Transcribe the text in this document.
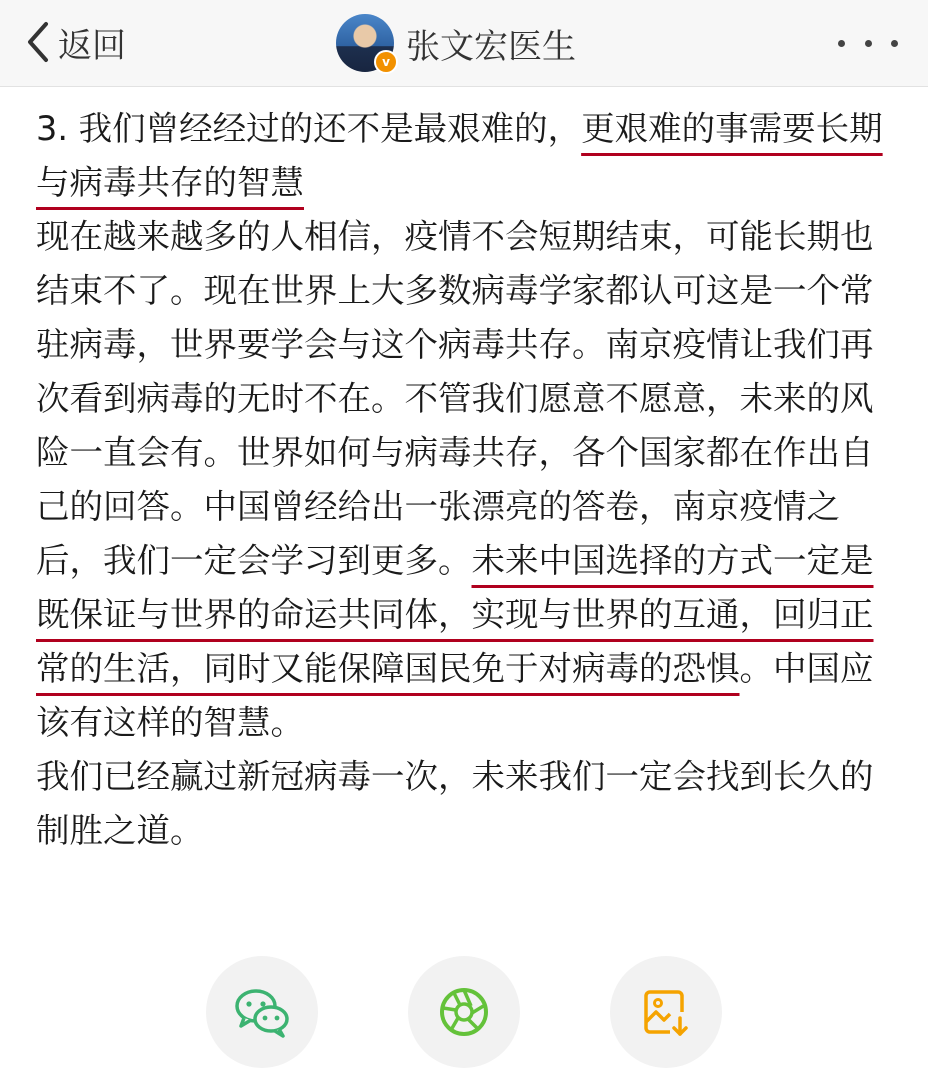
返回	v 张文宏医生

3. 我们曾经经过的还不是最艰难的，更艰难的事需要长期与病毒共存的智慧

现在越来越多的人相信，疫情不会短期结束，可能长期也结束不了。现在世界上大多数病毒学家都认可这是一个常驻病毒，世界要学会与这个病毒共存。南京疫情让我们再次看到病毒的无时不在。不管我们愿意不愿意，未来的风险一直会有。世界如何与病毒共存，各个国家都在作出自己的回答。中国曾经给出一张漂亮的答卷，南京疫情之后，我们一定会学习到更多。未来中国选择的方式一定是既保证与世界的命运共同体，实现与世界的互通，回归正常的生活，同时又能保障国民免于对病毒的恐惧。中国应该有这样的智慧。

我们已经赢过新冠病毒一次，未来我们一定会找到长久的制胜之道。
